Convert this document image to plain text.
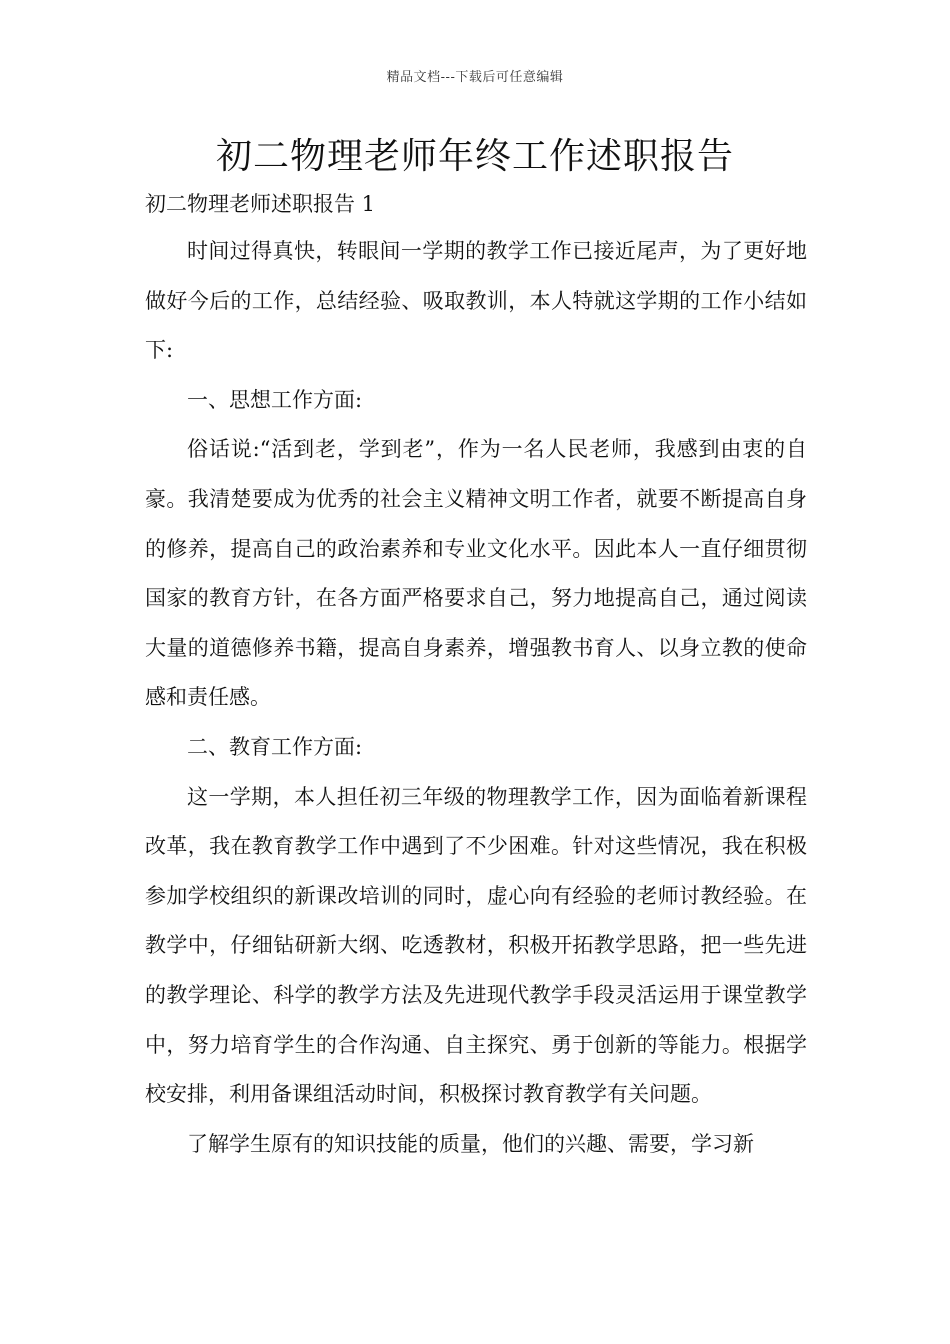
精品文档---下载后可任意编辑
初二物理老师年终工作述职报告
初二物理老师述职报告 1

时间过得真快，转眼间一学期的教学工作已接近尾声，为了更好地做好今后的工作，总结经验、吸取教训，本人特就这学期的工作小结如下:

一、思想工作方面:

俗话说:“活到老，学到老”，作为一名人民老师，我感到由衷的自豪。我清楚要成为优秀的社会主义精神文明工作者，就要不断提高自身的修养，提高自己的政治素养和专业文化水平。因此本人一直仔细贯彻国家的教育方针，在各方面严格要求自己，努力地提高自己，通过阅读大量的道德修养书籍，提高自身素养，增强教书育人、以身立教的使命感和责任感。

二、教育工作方面:

这一学期，本人担任初三年级的物理教学工作，因为面临着新课程改革，我在教育教学工作中遇到了不少困难。针对这些情况，我在积极参加学校组织的新课改培训的同时，虚心向有经验的老师讨教经验。在教学中，仔细钻研新大纲、吃透教材，积极开拓教学思路，把一些先进的教学理论、科学的教学方法及先进现代教学手段灵活运用于课堂教学中，努力培育学生的合作沟通、自主探究、勇于创新的等能力。根据学校安排，利用备课组活动时间，积极探讨教育教学有关问题。

了解学生原有的知识技能的质量，他们的兴趣、需要，学习新
